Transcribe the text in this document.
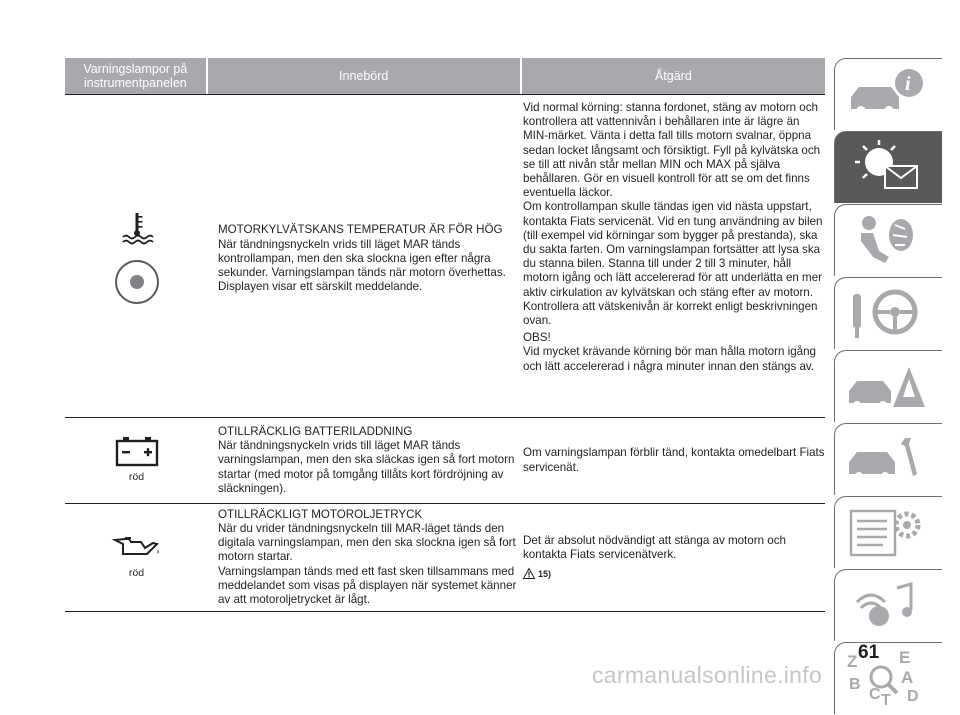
Varningslampor på instrumentpanelen	Innebörd	Åtgärd

MOTORKYLVÄTSKANS TEMPERATUR ÄR FÖR HÖG

När tändningsnyckeln vrids till läget MAR tänds kontrollampan, men den ska slockna igen efter några sekunder. Varningslampan tänds när motorn överhettas.

Displayen visar ett särskilt meddelande.

Vid normal körning: stanna fordonet, stäng av motorn och kontrollera att vattennivån i behållaren inte är lägre än MIN-märket. Vänta i detta fall tills motorn svalnar, öppna sedan locket långsamt och försiktigt. Fyll på kylvätska och se till att nivån står mellan MIN och MAX på själva behållaren. Gör en visuell kontroll för att se om det finns eventuella läckor.

Om kontrollampan skulle tändas igen vid nästa uppstart, kontakta Fiats servicenät. Vid en tung användning av bilen (till exempel vid körningar som bygger på prestanda), ska du sakta farten. Om varningslampan fortsätter att lysa ska du stanna bilen. Stanna till under 2 till 3 minuter, håll motorn igång och lätt accelererad för att underlätta en mer aktiv cirkulation av kylvätskan och stäng efter av motorn. Kontrollera att vätskenivån är korrekt enligt beskrivningen ovan.

OBS!

Vid mycket krävande körning bör man hålla motorn igång och lätt accelererad i några minuter innan den stängs av.

röd

OTILLRÄCKLIG BATTERILADDNING

När tändningsnyckeln vrids till läget MAR tänds varningslampan, men den ska släckas igen så fort motorn startar (med motor på tomgång tillåts kort fördröjning av släckningen).

Om varningslampan förblir tänd, kontakta omedelbart Fiats servicenät.

röd

OTILLRÄCKLIGT MOTOROLJETRYCK

När du vrider tändningsnyckeln till MAR-läget tänds den digitala varningslampan, men den ska slockna igen så fort motorn startar.

Varningslampan tänds med ett fast sken tillsammans med meddelandet som visas på displayen när systemet känner av att motoroljetrycket är lågt.

Det är absolut nödvändigt att stänga av motorn och kontakta Fiats servicenätverk.

15)
i
Z E
B A
C T D
61
carmanualsonline.info
